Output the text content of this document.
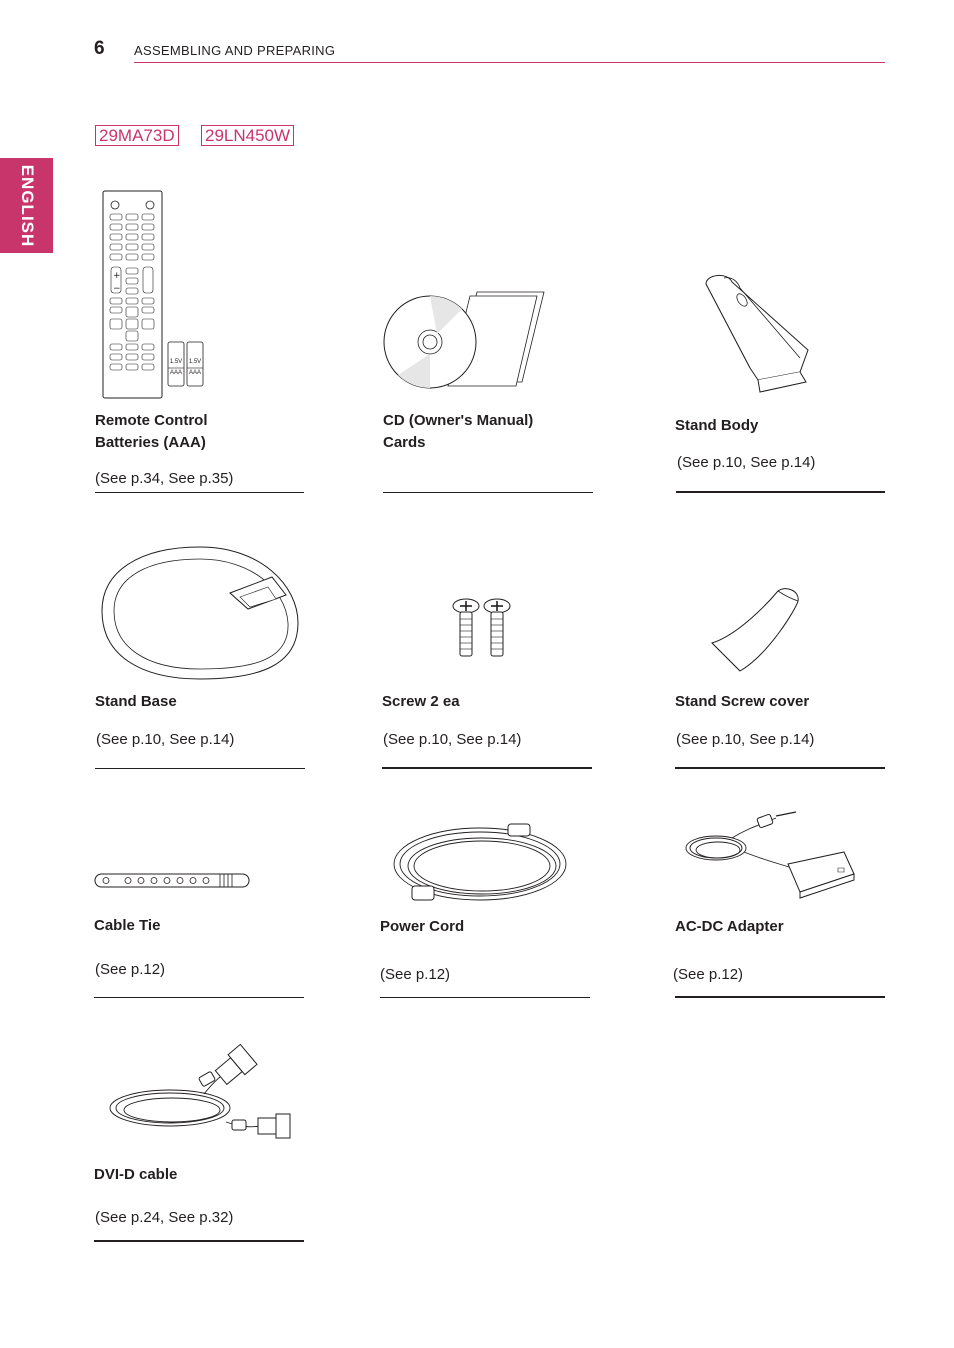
6 ASSEMBLING AND PREPARING
ENGLISH
29MA73D 29LN450W
+
−
1.5V
AAA
1.5V
AAA
Remote Control
Batteries (AAA)
(See p.34, See p.35)
CD (Owner's Manual)
Cards
Stand Body
(See p.10, See p.14)
Stand Base
(See p.10, See p.14)
Screw 2 ea
(See p.10, See p.14)
Stand Screw cover
(See p.10, See p.14)
Cable Tie
(See p.12)
Power Cord
(See p.12)
AC-DC Adapter
(See p.12)
DVI-D cable
(See p.24, See p.32)
